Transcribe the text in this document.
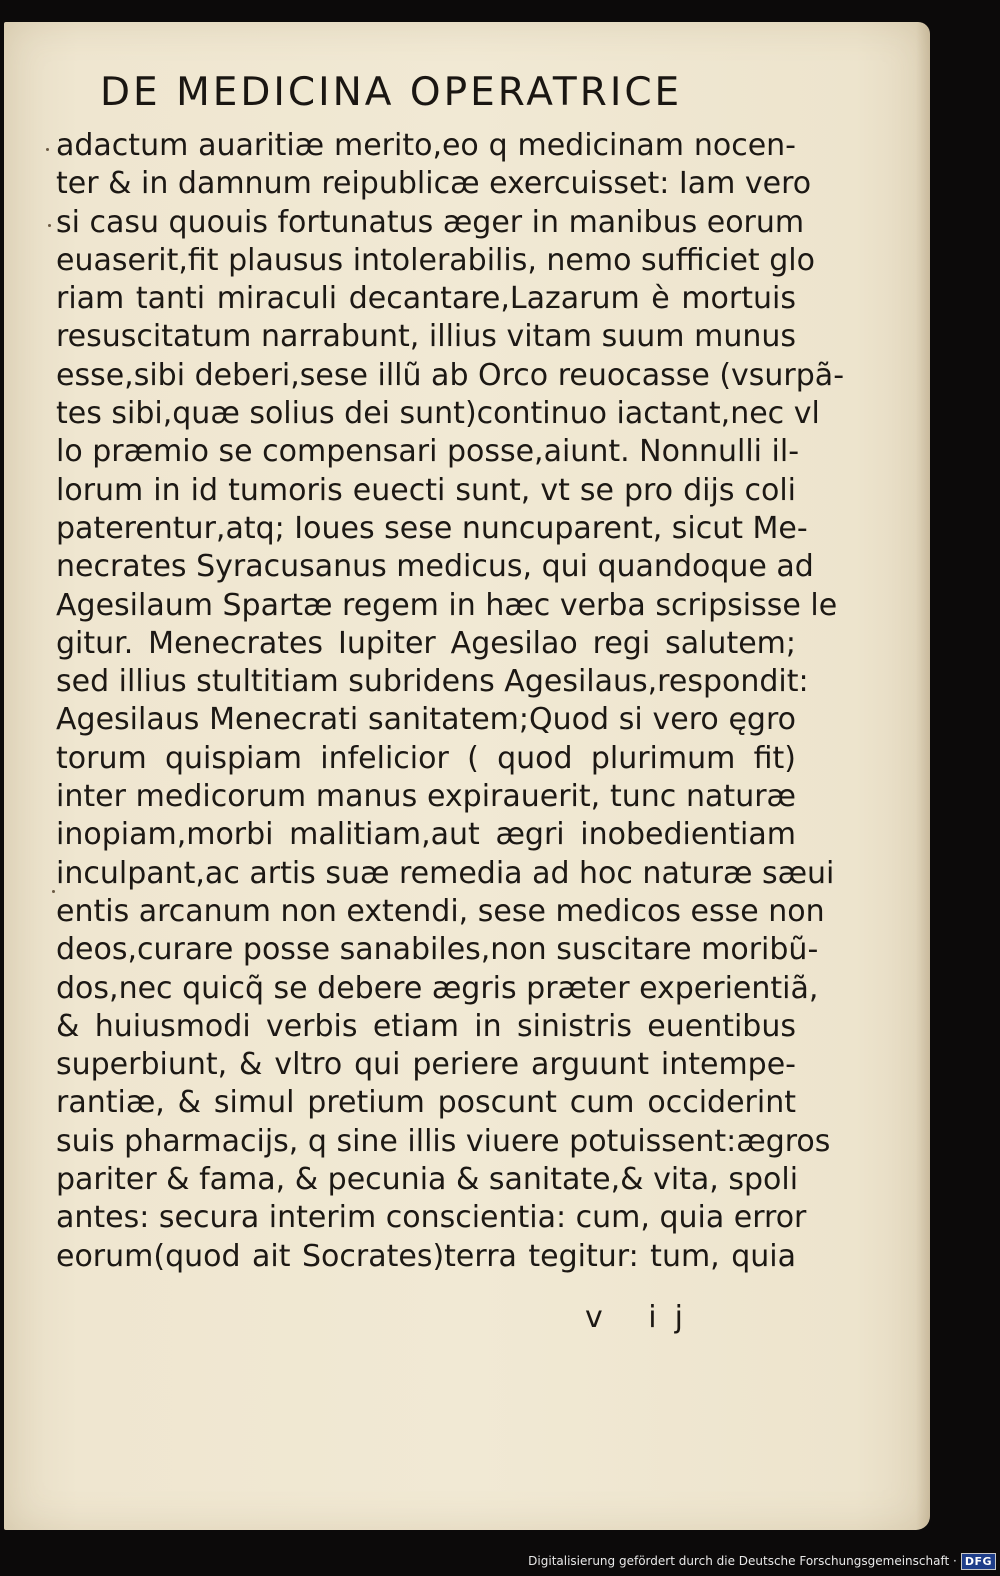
DE MEDICINA OPERATRICE
adactum auaritiæ merito,eo q medicinam nocen-
ter & in damnum reipublicæ exercuisset: Iam vero
si casu quouis fortunatus æger in manibus eorum
euaserit,fit plausus intolerabilis, nemo sufficiet glo
riam tanti miraculi decantare,Lazarum è mortuis
resuscitatum narrabunt, illius vitam suum munus
esse,sibi deberi,sese illũ ab Orco reuocasse (vsurpã-
tes sibi,quæ solius dei sunt)continuo iactant,nec vl
lo præmio se compensari posse,aiunt. Nonnulli il-
lorum in id tumoris euecti sunt, vt se pro dijs coli
paterentur,atq; Ioues sese nuncuparent, sicut Me-
necrates Syracusanus medicus, qui quandoque ad
Agesilaum Spartæ regem in hæc verba scripsisse le
gitur. Menecrates Iupiter Agesilao regi salutem;
sed illius stultitiam subridens Agesilaus,respondit:
Agesilaus Menecrati sanitatem;Quod si vero ęgro
torum quispiam infelicior ( quod plurimum fit)
inter medicorum manus expirauerit, tunc naturæ
inopiam,morbi malitiam,aut ægri inobedientiam
inculpant,ac artis suæ remedia ad hoc naturæ sæui
entis arcanum non extendi, sese medicos esse non
deos,curare posse sanabiles,non suscitare moribũ-
dos,nec quicq̃ se debere ægris præter experientiã,
& huiusmodi verbis etiam in sinistris euentibus
superbiunt, & vltro qui periere arguunt intempe-
rantiæ, & simul pretium poscunt cum occiderint
suis pharmacijs, q sine illis viuere potuissent:ægros
pariter & fama, & pecunia & sanitate,& vita, spoli
antes: secura interim conscientia: cum, quia error
eorum(quod ait Socrates)terra tegitur: tum, quia
v ij
Digitalisierung gefördert durch die Deutsche Forschungsgemeinschaft · DFG
